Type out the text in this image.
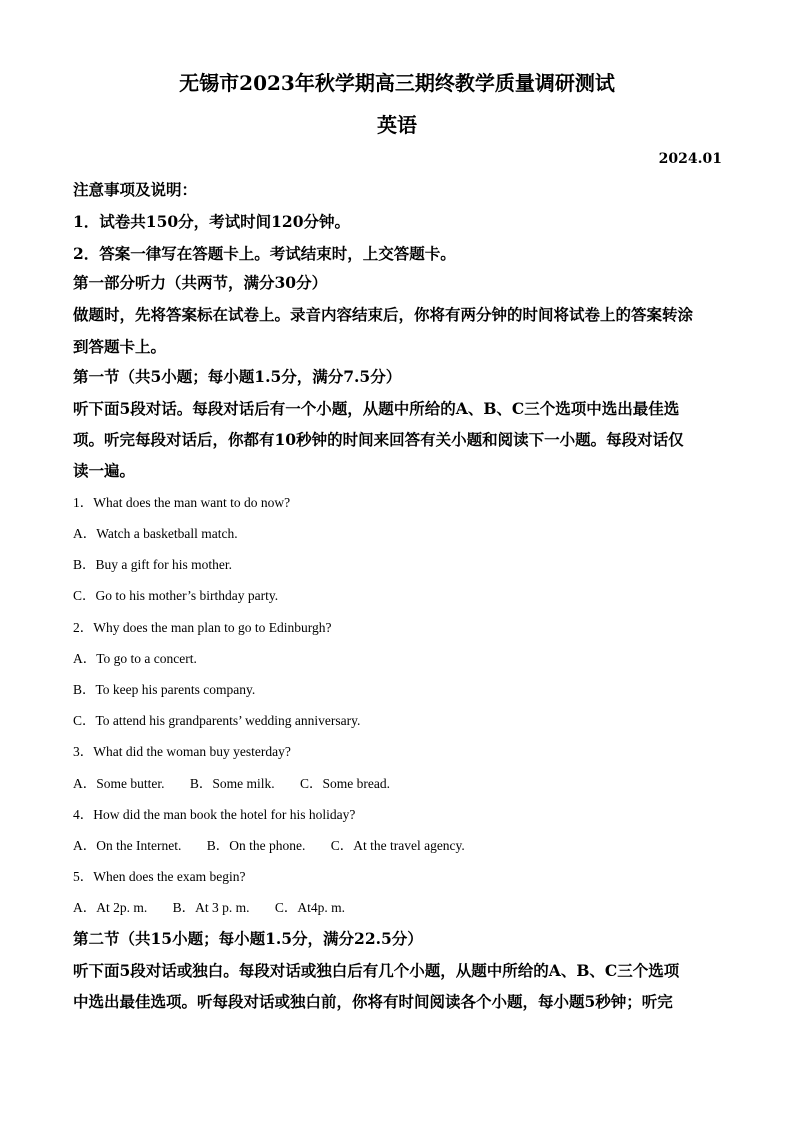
无锡市2023年秋学期高三期终教学质量调研测试
英语
2024.01
注意事项及说明：
1．试卷共150分，考试时间120分钟。
2．答案一律写在答题卡上。考试结束时，上交答题卡。
第一部分听力（共两节，满分30分）
做题时，先将答案标在试卷上。录音内容结束后，你将有两分钟的时间将试卷上的答案转涂
到答题卡上。
第一节（共5小题；每小题1.5分，满分7.5分）
听下面5段对话。每段对话后有一个小题，从题中所给的A、B、C三个选项中选出最佳选
项。听完每段对话后，你都有10秒钟的时间来回答有关小题和阅读下一小题。每段对话仅
读一遍。
1．What does the man want to do now?
A．Watch a basketball match.
B．Buy a gift for his mother.
C．Go to his mother’s birthday party.
2．Why does the man plan to go to Edinburgh?
A．To go to a concert.
B．To keep his parents company.
C．To attend his grandparents’ wedding anniversary.
3．What did the woman buy yesterday?
A．Some butter. B．Some milk. C．Some bread.
4．How did the man book the hotel for his holiday?
A．On the Internet. B．On the phone. C．At the travel agency.
5．When does the exam begin?
A．At 2p. m. B．At 3 p. m. C．At4p. m.
第二节（共15小题；每小题1.5分，满分22.5分）
听下面5段对话或独白。每段对话或独白后有几个小题，从题中所给的A、B、C三个选项
中选出最佳选项。听每段对话或独白前，你将有时间阅读各个小题，每小题5秒钟；听完
